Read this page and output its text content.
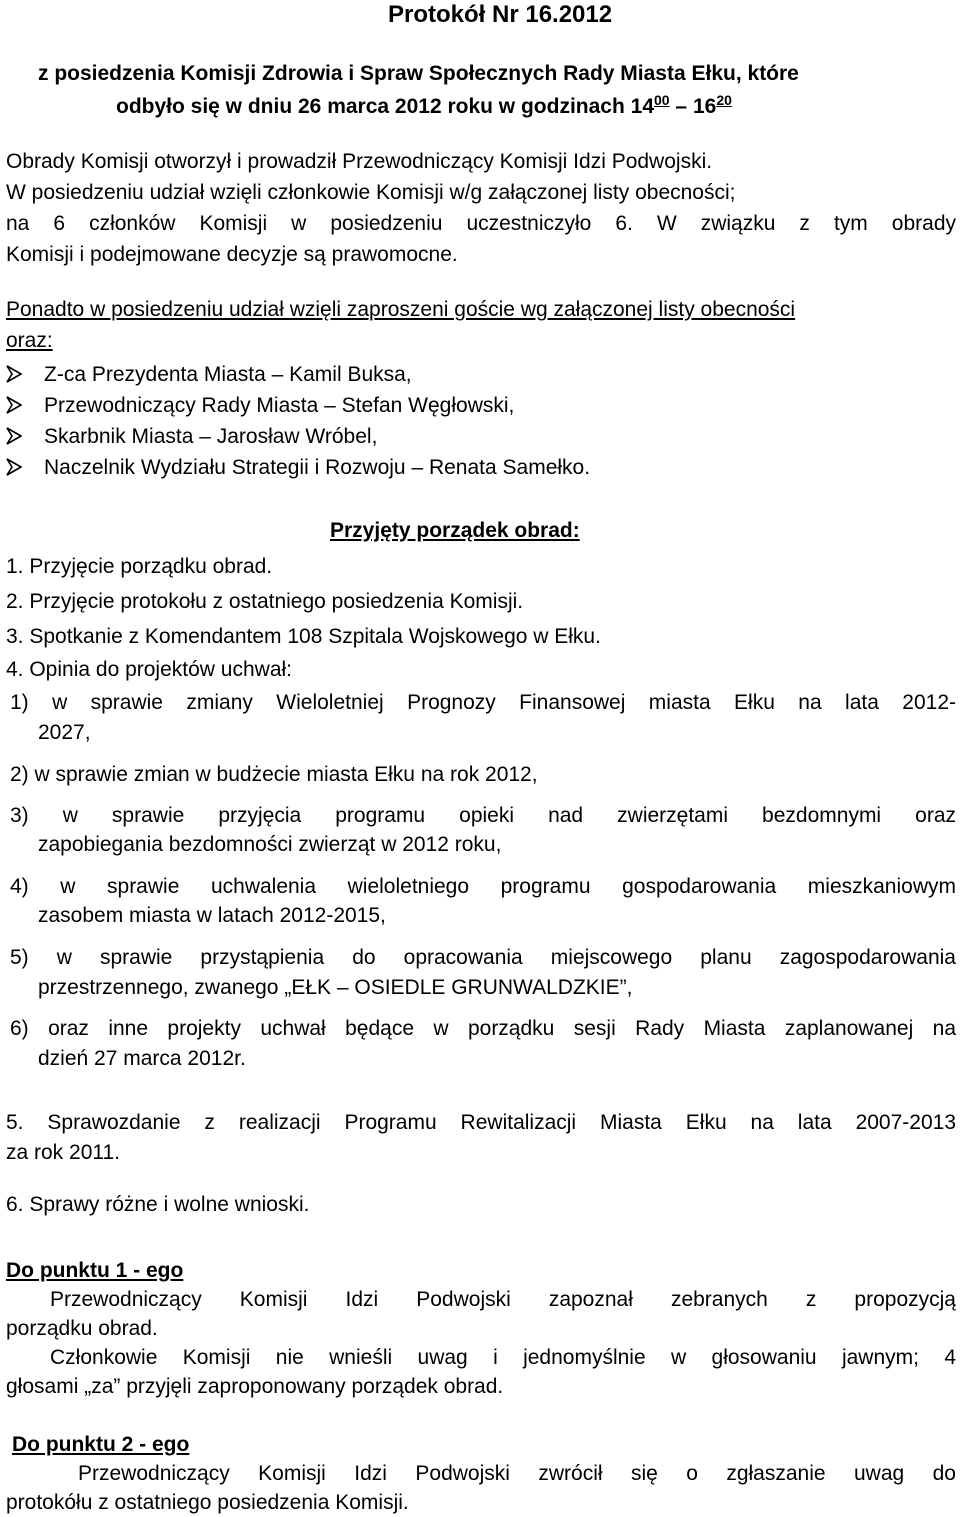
Protokół Nr 16.2012
z posiedzenia Komisji Zdrowia i Spraw Społecznych Rady Miasta Ełku, które
odbyło się w dniu 26 marca 2012 roku w godzinach $14^{00} - 16^{20}$
Obrady Komisji otworzył i prowadził Przewodniczący Komisji Idzi Podwojski.
W posiedzeniu udział wzięli członkowie Komisji w/g załączonej listy obecności;
na 6 członków Komisji w posiedzeniu uczestniczyło 6. W związku z tym obrady
Komisji i podejmowane decyzje są prawomocne.
Ponadto w posiedzeniu udział wzięli zaproszeni goście wg załączonej listy obecności
oraz:
Z-ca Prezydenta Miasta – Kamil Buksa,
Przewodniczący Rady Miasta – Stefan Węgłowski,
Skarbnik Miasta – Jarosław Wróbel,
Naczelnik Wydziału Strategii i Rozwoju – Renata Samełko.
Przyjęty porządek obrad:
1. Przyjęcie porządku obrad.
2. Przyjęcie protokołu z ostatniego posiedzenia Komisji.
3. Spotkanie z Komendantem 108 Szpitala Wojskowego w Ełku.
4. Opinia do projektów uchwał:
1) w sprawie zmiany Wieloletniej Prognozy Finansowej miasta Ełku na lata 2012-
2027,
2) w sprawie zmian w budżecie miasta Ełku na rok 2012,
3) w sprawie przyjęcia programu opieki nad zwierzętami bezdomnymi oraz
zapobiegania bezdomności zwierząt w 2012 roku,
4) w sprawie uchwalenia wieloletniego programu gospodarowania mieszkaniowym
zasobem miasta w latach 2012-2015,
5) w sprawie przystąpienia do opracowania miejscowego planu zagospodarowania
przestrzennego, zwanego „EŁK – OSIEDLE GRUNWALDZKIE”,
6) oraz inne projekty uchwał będące w porządku sesji Rady Miasta zaplanowanej na
dzień 27 marca 2012r.
5. Sprawozdanie z realizacji Programu Rewitalizacji Miasta Ełku na lata 2007-2013
za rok 2011.
6. Sprawy różne i wolne wnioski.
Do punktu 1 - ego
Przewodniczący Komisji Idzi Podwojski zapoznał zebranych z propozycją
porządku obrad.
Członkowie Komisji nie wnieśli uwag i jednomyślnie w głosowaniu jawnym; 4
głosami „za” przyjęli zaproponowany porządek obrad.
Do punktu 2 - ego
Przewodniczący Komisji Idzi Podwojski zwrócił się o zgłaszanie uwag do
protokółu z ostatniego posiedzenia Komisji.
